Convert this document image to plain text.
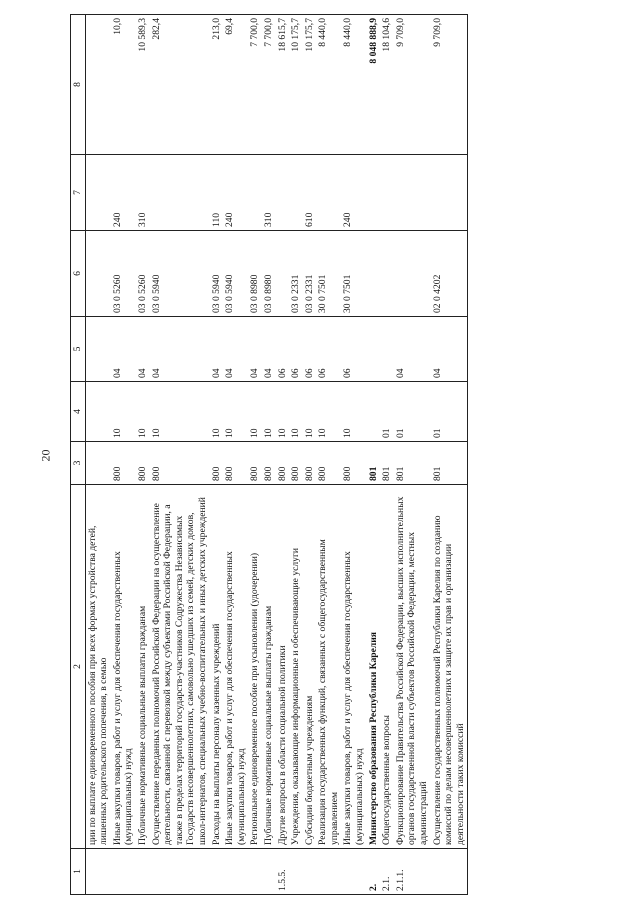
20
1	2	3	4	5	6	7	8
	ции по выплате единовременного пособия при всех формах устройства детей, лишенных родительского попечения, в семью						
	Иные закупки товаров, работ и услуг для обеспечения государственных (муниципальных) нужд	800	10	04	03 0 5260	240	10,0
	Публичные нормативные социальные выплаты гражданам	800	10	04	03 0 5260	310	10 589,3
	Осуществление переданных полномочий Российской Федерации на осуществление деятельности, связанной с перевозкой между субъектами Российской Федерации, а также в пределах территорий государств-участников Содружества Независимых Государств несовершеннолетних, самовольно ушедших из семей, детских домов, школ-интернатов, специальных учебно-воспитательных и иных детских учреждений	800	10	04	03 0 5940		282,4
	Расходы на выплаты персоналу казенных учреждений	800	10	04	03 0 5940	110	213,0
	Иные закупки товаров, работ и услуг для обеспечения государственных (муниципальных) нужд	800	10	04	03 0 5940	240	69,4
	Региональное единовременное пособие при усыновлении (удочерении)	800	10	04	03 0 8980		7 700,0
	Публичные нормативные социальные выплаты гражданам	800	10	04	03 0 8980	310	7 700,0
1.5.5.	Другие вопросы в области социальной политики	800	10	06			18 615,7
	Учреждения, оказывающие информационные и обеспечивающие услуги	800	10	06	03 0 2331		10 175,7
	Субсидии бюджетным учреждениям	800	10	06	03 0 2331	610	10 175,7
	Реализация государственных функций, связанных с общегосударственным управлением	800	10	06	30 0 7501		8 440,0
	Иные закупки товаров, работ и услуг для обеспечения государственных (муниципальных) нужд	800	10	06	30 0 7501	240	8 440,0
2.	Министерство образования Республики Карелия	801					8 048 888,9
2.1.	Общегосударственные вопросы	801	01				18 104,6
2.1.1.	Функционирование Правительства Российской Федерации, высших исполнительных органов государственной власти субъектов Российской Федерации, местных администраций	801	01	04			9 709,0
	Осуществление государственных полномочий Республики Карелия по созданию комиссий по делам несовершеннолетних и защите их прав и организации деятельности таких комиссий	801	01	04	02 0 4202		9 709,0
